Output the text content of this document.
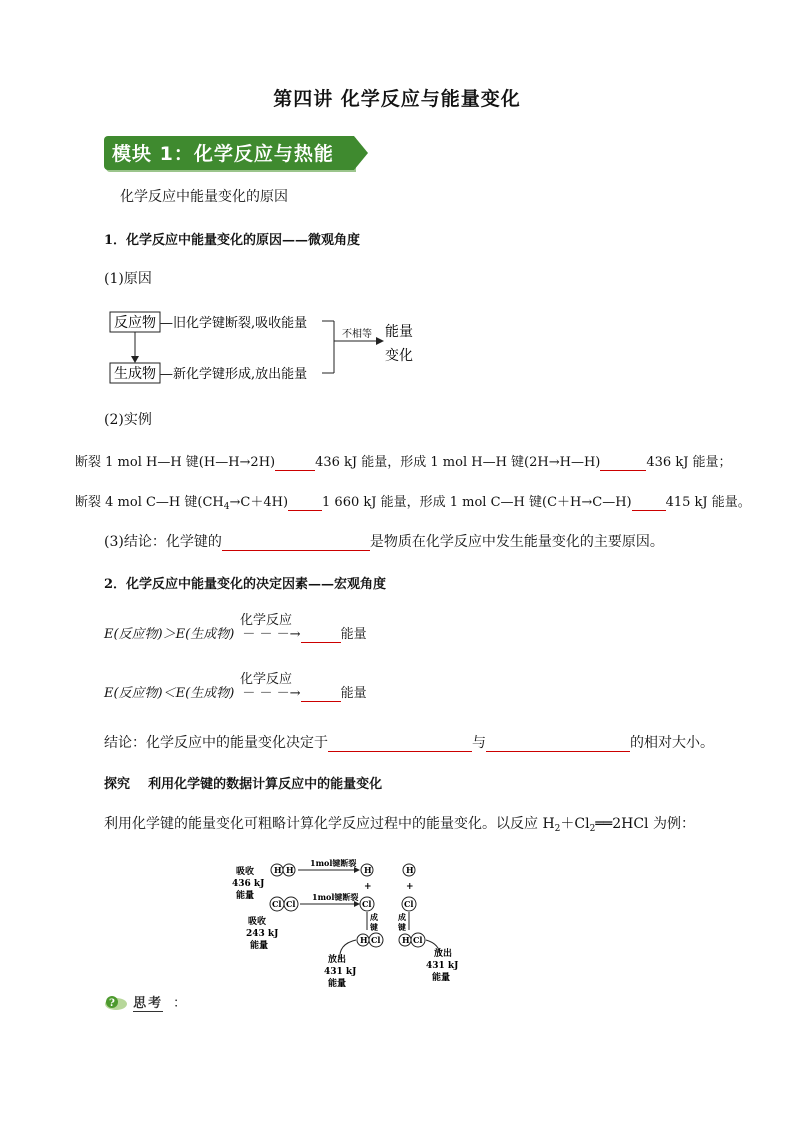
第四讲 化学反应与能量变化
模块 1：化学反应与热能
化学反应中能量变化的原因
1．化学反应中能量变化的原因——微观角度
(1)原因
反应物 —旧化学键断裂,吸收能量
生成物 —新化学键形成,放出能量
不相等 能量
变化
(2)实例
断裂 1 mol H—H 键(H—H→2H)	436 kJ 能量，形成 1 mol H—H 键(2H→H—H)	436 kJ 能量；
断裂 4 mol C—H 键$(CH_4\to C+4H)$	1 660 kJ 能量，形成 1 mol C—H 键(C＋H→C—H)	415 kJ 能量。
(3)结论：化学键的	是物质在化学反应中发生能量变化的主要原因。
2．化学反应中能量变化的决定因素——宏观角度
化学反应
E(反应物)＞E(生成物) － － －→	能量
化学反应
E(反应物)＜E(生成物) － － －→	能量
结论：化学反应中的能量变化决定于	与	的相对大小。
探究    利用化学键的数据计算反应中的能量变化
利用化学键的能量变化可粗略计算化学反应过程中的能量变化。以反应 $H_2+Cl_2══2HCl$ 为例：
吸收
436 kJ
能量
H H
1mol键断裂
H
+
Cl Cl
1mol键断裂
Cl
吸收
243 kJ
能量
成
键
H Cl
放出
431 kJ
能量
H
+
Cl
成
键
H Cl
放出
431 kJ
能量
? 思考 ：
